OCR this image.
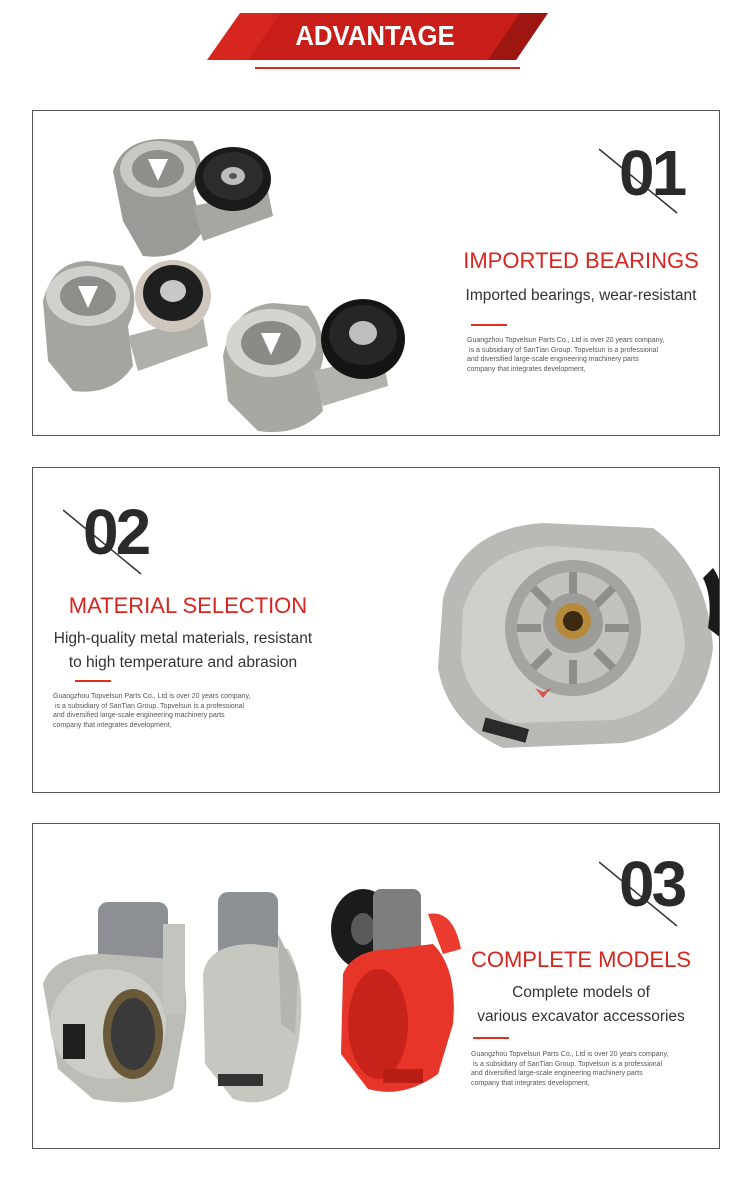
ADVANTAGE
01
IMPORTED BEARINGS
Imported bearings, wear-resistant
Guangzhou Topvelsun Parts Co., Ltd is over 20 years company,
is a subsidiary of SanTian Group. Topvelsun is a professional
and diversified large-scale engineering machinery parts
company that integrates development,
02
MATERIAL SELECTION
High-quality metal materials, resistant
to high temperature and abrasion
Guangzhou Topvelsun Parts Co., Ltd is over 20 years company,
is a subsidiary of SanTian Group. Topvelsun is a professional
and diversified large-scale engineering machinery parts
company that integrates development,
03
COMPLETE MODELS
Complete models of
various excavator accessories
Guangzhou Topvelsun Parts Co., Ltd is over 20 years company,
is a subsidiary of SanTian Group. Topvelsun is a professional
and diversified large-scale engineering machinery parts
company that integrates development,
